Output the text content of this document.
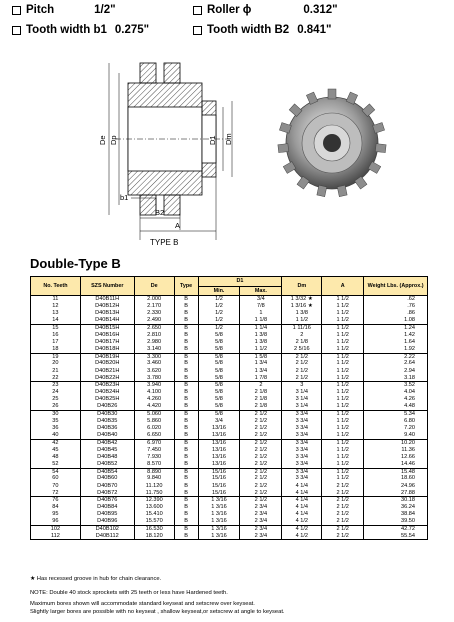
Pitch	1/2"	Roller ϕ	0.312"
Tooth width b1 0.275"	Tooth width B2 0.841"
De Dp	D1 Dm
b1
B2
A
TYPE B
Double-Type B
No. Teeth	SZS Number	De	Type	D1		Dm	A	Weight Lbs. (Approx.)
				Min.	Max.			
11	D40B11H	2.000	B	1/2	3/4	1 3/32 ★	1 1/2	.62
12	D40B12H	2.170	B	1/2	7/8	1 3/16 ★	1 1/2	.76
13	D40B13H	2.330	B	1/2	1	1 3/8	1 1/2	.86
14	D40B14H	2.490	B	1/2	1 1/8	1 1/2	1 1/2	1.08
15	D40B15H	2.650	B	1/2	1 1/4	1 11/16	1 1/2	1.24
16	D40B16H	2.810	B	5/8	1 3/8	2	1 1/2	1.42
17	D40B17H	2.980	B	5/8	1 3/8	2 1/8	1 1/2	1.64
18	D40B18H	3.140	B	5/8	1 1/2	2 5/16	1 1/2	1.92
19	D40B19H	3.300	B	5/8	1 5/8	2 1/2	1 1/2	2.22
20	D40B20H	3.460	B	5/8	1 3/4	2 1/2	1 1/2	2.64
21	D40B21H	3.620	B	5/8	1 3/4	2 1/2	1 1/2	2.94
22	D40B22H	3.780	B	5/8	1 7/8	2 1/2	1 1/2	3.18
23	D40B23H	3.940	B	5/8	2	3	1 1/2	3.52
24	D40B24H	4.100	B	5/8	2 1/8	3 1/4	1 1/2	4.04
25	D40B25H	4.260	B	5/8	2 1/8	3 1/4	1 1/2	4.26
26	D40B26	4.420	B	5/8	2 1/8	3 1/4	1 1/2	4.48
30	D40B30	5.060	B	5/8	2 1/2	3 3/4	1 1/2	5.34
35	D40B35	5.860	B	3/4	2 1/2	3 3/4	1 1/2	6.80
36	D40B36	6.020	B	13/16	2 1/2	3 3/4	1 1/2	7.20
40	D40B40	6.650	B	13/16	2 1/2	3 3/4	1 1/2	9.40
42	D40B42	6.970	B	13/16	2 1/2	3 3/4	1 1/2	10.20
45	D40B45	7.450	B	13/16	2 1/2	3 3/4	1 1/2	11.36
48	D40B48	7.930	B	13/16	2 1/2	3 3/4	1 1/2	12.66
52	D40B52	8.570	B	13/16	2 1/2	3 3/4	1 1/2	14.46
54	D40B54	8.890	B	15/16	2 1/2	3 3/4	1 1/2	15.48
60	D40B60	9.840	B	15/16	2 1/2	3 3/4	1 1/2	18.60
70	D40B70	11.120	B	15/16	2 1/2	4 1/4	2 1/2	24.96
72	D40B72	11.750	B	15/16	2 1/2	4 1/4	2 1/2	27.88
76	D40B76	12.390	B	1 3/16	2 1/2	4 1/4	2 1/2	30.18
84	D40B84	13.600	B	1 3/16	2 3/4	4 1/4	2 1/2	36.24
95	D40B95	15.410	B	1 3/16	2 3/4	4 1/4	2 1/2	38.84
96	D40B96	15.570	B	1 3/16	2 3/4	4 1/2	2 1/2	39.50
102	D40B102	16.530	B	1 3/16	2 3/4	4 1/2	2 1/2	42.72
112	D40B112	18.120	B	1 3/16	2 3/4	4 1/2	2 1/2	55.54
★ Has recessed groove in hub for chain clearance.
NOTE: Double 40 stock sprockets with 25 teeth or less have Hardened teeth.
Maximum bores shown will accommodate standard keyseat and setscrew over keyseat.
Slightly larger bores are possible with no keyseat , shallow keyseat,or setscrew at angle to keyseat.
